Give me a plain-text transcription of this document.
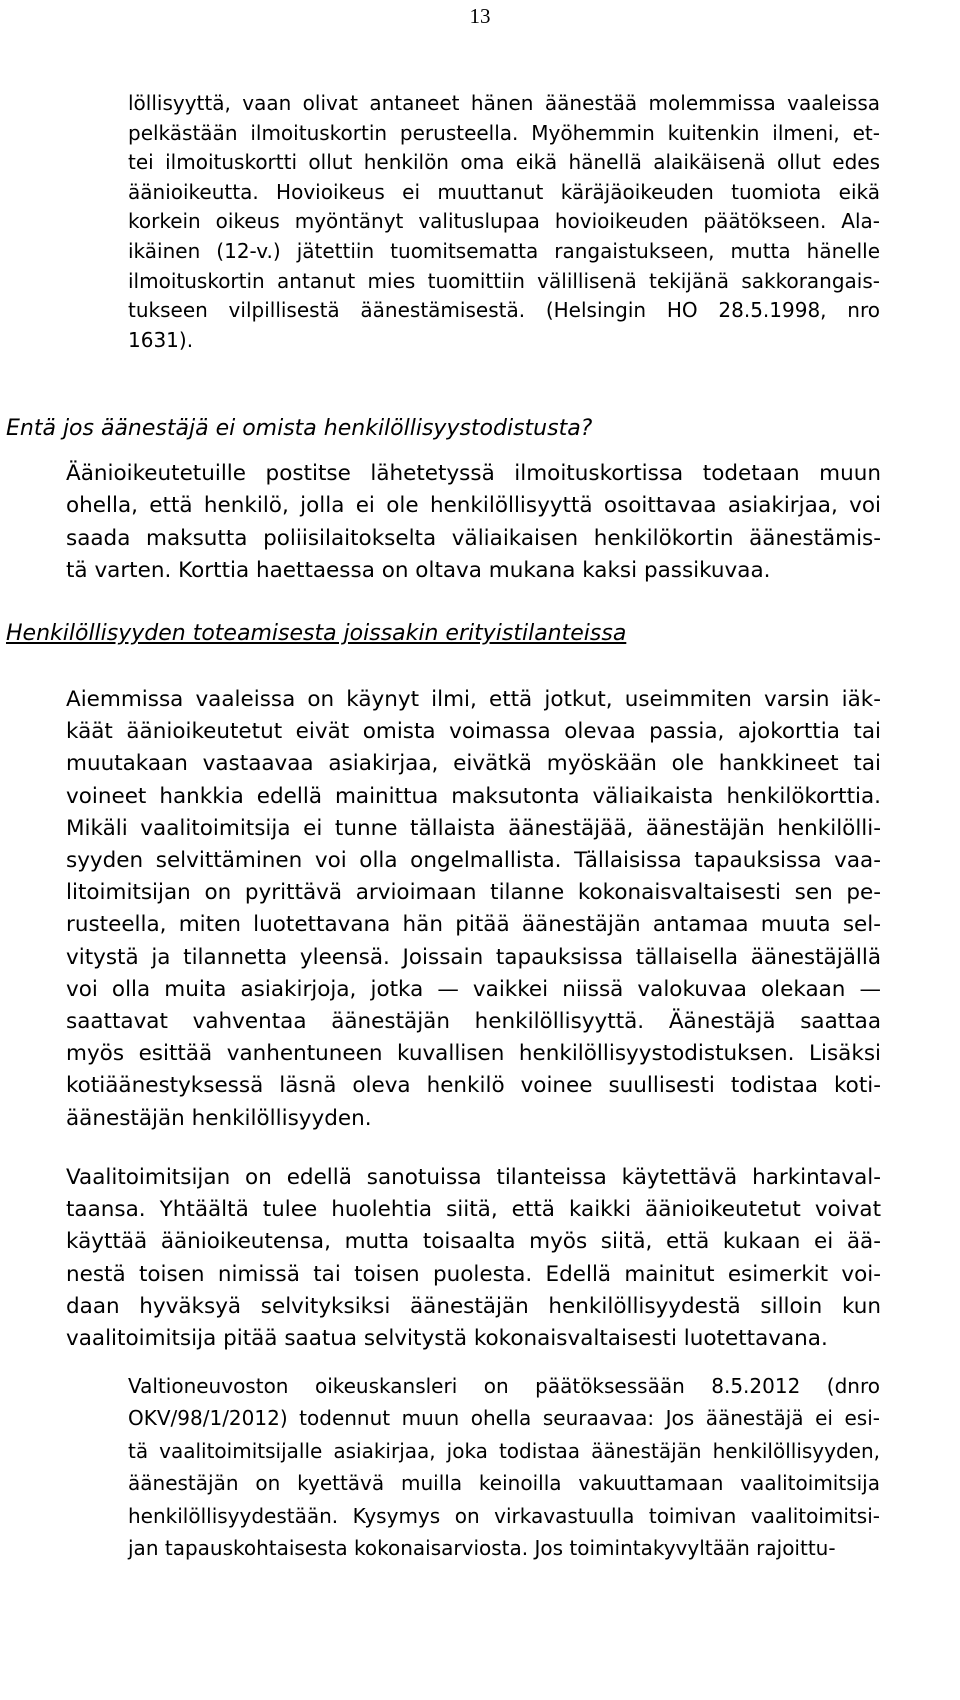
13
löllisyyttä, vaan olivat antaneet hänen äänestää molemmissa vaaleissa
pelkästään ilmoituskortin perusteella. Myöhemmin kuitenkin ilmeni, et-
tei ilmoituskortti ollut henkilön oma eikä hänellä alaikäisenä ollut edes
äänioikeutta. Hovioikeus ei muuttanut käräjäoikeuden tuomiota eikä
korkein oikeus myöntänyt valituslupaa hovioikeuden päätökseen. Ala-
ikäinen (12-v.) jätettiin tuomitsematta rangaistukseen, mutta hänelle
ilmoituskortin antanut mies tuomittiin välillisenä tekijänä sakkorangais-
tukseen vilpillisestä äänestämisestä. (Helsingin HO 28.5.1998, nro
1631).
Entä jos äänestäjä ei omista henkilöllisyystodistusta?
Äänioikeutetuille postitse lähetetyssä ilmoituskortissa todetaan muun
ohella, että henkilö, jolla ei ole henkilöllisyyttä osoittavaa asiakirjaa, voi
saada maksutta poliisilaitokselta väliaikaisen henkilökortin äänestämis-
tä varten. Korttia haettaessa on oltava mukana kaksi passikuvaa.
Henkilöllisyyden toteamisesta joissakin erityistilanteissa
Aiemmissa vaaleissa on käynyt ilmi, että jotkut, useimmiten varsin iäk-
käät äänioikeutetut eivät omista voimassa olevaa passia, ajokorttia tai
muutakaan vastaavaa asiakirjaa, eivätkä myöskään ole hankkineet tai
voineet hankkia edellä mainittua maksutonta väliaikaista henkilökorttia.
Mikäli vaalitoimitsija ei tunne tällaista äänestäjää, äänestäjän henkilölli-
syyden selvittäminen voi olla ongelmallista. Tällaisissa tapauksissa vaa-
litoimitsijan on pyrittävä arvioimaan tilanne kokonaisvaltaisesti sen pe-
rusteella, miten luotettavana hän pitää äänestäjän antamaa muuta sel-
vitystä ja tilannetta yleensä. Joissain tapauksissa tällaisella äänestäjällä
voi olla muita asiakirjoja, jotka — vaikkei niissä valokuvaa olekaan —
saattavat vahventaa äänestäjän henkilöllisyyttä. Äänestäjä saattaa
myös esittää vanhentuneen kuvallisen henkilöllisyystodistuksen. Lisäksi
kotiäänestyksessä läsnä oleva henkilö voinee suullisesti todistaa koti-
äänestäjän henkilöllisyyden.
Vaalitoimitsijan on edellä sanotuissa tilanteissa käytettävä harkintaval-
taansa. Yhtäältä tulee huolehtia siitä, että kaikki äänioikeutetut voivat
käyttää äänioikeutensa, mutta toisaalta myös siitä, että kukaan ei ää-
nestä toisen nimissä tai toisen puolesta. Edellä mainitut esimerkit voi-
daan hyväksyä selvityksiksi äänestäjän henkilöllisyydestä silloin kun
vaalitoimitsija pitää saatua selvitystä kokonaisvaltaisesti luotettavana.
Valtioneuvoston oikeuskansleri on päätöksessään 8.5.2012 (dnro
OKV/98/1/2012) todennut muun ohella seuraavaa: Jos äänestäjä ei esi-
tä vaalitoimitsijalle asiakirjaa, joka todistaa äänestäjän henkilöllisyyden,
äänestäjän on kyettävä muilla keinoilla vakuuttamaan vaalitoimitsija
henkilöllisyydestään. Kysymys on virkavastuulla toimivan vaalitoimitsi-
jan tapauskohtaisesta kokonaisarviosta. Jos toimintakyvyltään rajoittu-
